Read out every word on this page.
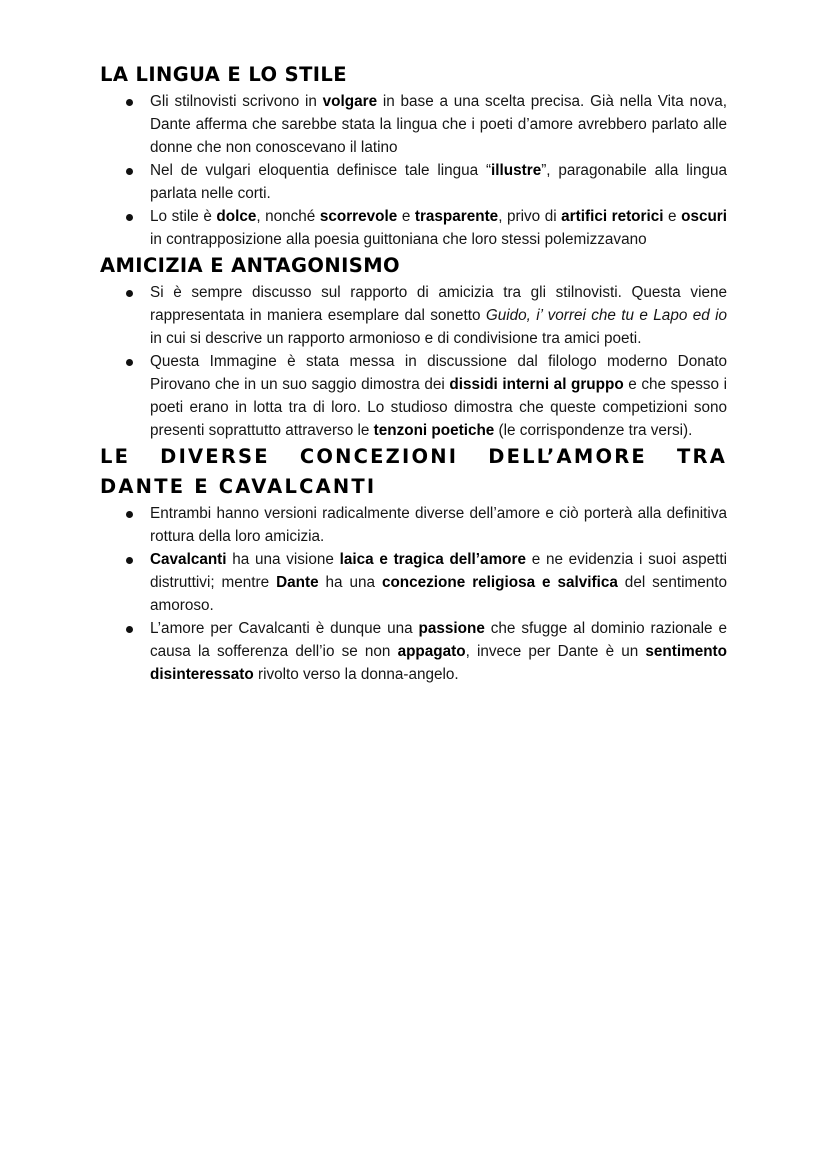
LA LINGUA E LO STILE
Gli stilnovisti scrivono in volgare in base a una scelta precisa. Già nella Vita nova, Dante afferma che sarebbe stata la lingua che i poeti d’amore avrebbero parlato alle donne che non conoscevano il latino
Nel de vulgari eloquentia definisce tale lingua “illustre”, paragonabile alla lingua parlata nelle corti.
Lo stile è dolce, nonché scorrevole e trasparente, privo di artifici retorici e oscuri in contrapposizione alla poesia guittoniana che loro stessi polemizzavano
AMICIZIA E ANTAGONISMO
Si è sempre discusso sul rapporto di amicizia tra gli stilnovisti. Questa viene rappresentata in maniera esemplare dal sonetto Guido, i’ vorrei che tu e Lapo ed io in cui si descrive un rapporto armonioso e di condivisione tra amici poeti.
Questa Immagine è stata messa in discussione dal filologo moderno Donato Pirovano che in un suo saggio dimostra dei dissidi interni al gruppo e che spesso i poeti erano in lotta tra di loro. Lo studioso dimostra che queste competizioni sono presenti soprattutto attraverso le tenzoni poetiche (le corrispondenze tra versi).
LE DIVERSE CONCEZIONI DELL’AMORE TRA DANTE E CAVALCANTI
Entrambi hanno versioni radicalmente diverse dell’amore e ciò porterà alla definitiva rottura della loro amicizia.
Cavalcanti ha una visione laica e tragica dell’amore e ne evidenzia i suoi aspetti distruttivi; mentre Dante ha una concezione religiosa e salvifica del sentimento amoroso.
L’amore per Cavalcanti è dunque una passione che sfugge al dominio razionale e causa la sofferenza dell’io se non appagato, invece per Dante è un sentimento disinteressato rivolto verso la donna-angelo.
